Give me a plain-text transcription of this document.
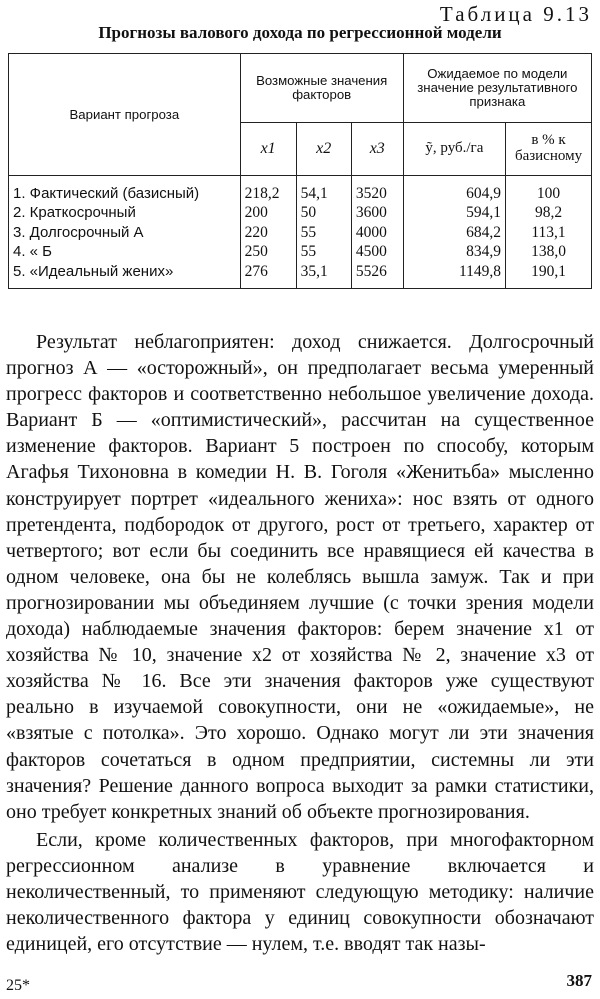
Таблица 9.13
Прогнозы валового дохода по регрессионной модели
Вариант прогроза	Возможные значения факторов			Ожидаемое по модели значение результативного признака	
	x1	x2	x3	ỹ, руб./га	в % к базисному
1. Фактический (базисный)	218,2	54,1	3520	604,9	100
2. Краткосрочный	200	50	3600	594,1	98,2
3. Долгосрочный А	220	55	4000	684,2	113,1
4. « Б	250	55	4500	834,9	138,0
5. «Идеальный жених»	276	35,1	5526	1149,8	190,1

Результат неблагоприятен: доход снижается. Долгосрочный прогноз А — «осторожный», он предполагает весьма умеренный прогресс факторов и соответственно небольшое увеличение дохода. Вариант Б — «оптимистический», рассчитан на существенное изменение факторов. Вариант 5 построен по способу, которым Агафья Тихоновна в комедии Н. В. Гоголя «Женитьба» мысленно конструирует портрет «идеального жениха»: нос взять от одного претендента, подбородок от другого, рост от третьего, характер от четвертого; вот если бы соединить все нравящиеся ей качества в одном человеке, она бы не колеблясь вышла замуж. Так и при прогнозировании мы объединяем лучшие (с точки зрения модели дохода) наблюдаемые значения факторов: берем значение x1 от хозяйства № 10, значение x2 от хозяйства № 2, значение x3 от хозяйства № 16. Все эти значения факторов уже существуют реально в изучаемой совокупности, они не «ожидаемые», не «взятые с потолка». Это хорошо. Однако могут ли эти значения факторов сочетаться в одном предприятии, системны ли эти значения? Решение данного вопроса выходит за рамки статистики, оно требует конкретных знаний об объекте прогнозирования.

Если, кроме количественных факторов, при многофакторном регрессионном анализе в уравнение включается и неколичественный, то применяют следующую методику: наличие неколичественного фактора у единиц совокупности обозначают единицей, его отсутствие — нулем, т.е. вводят так назы-

25*	387
